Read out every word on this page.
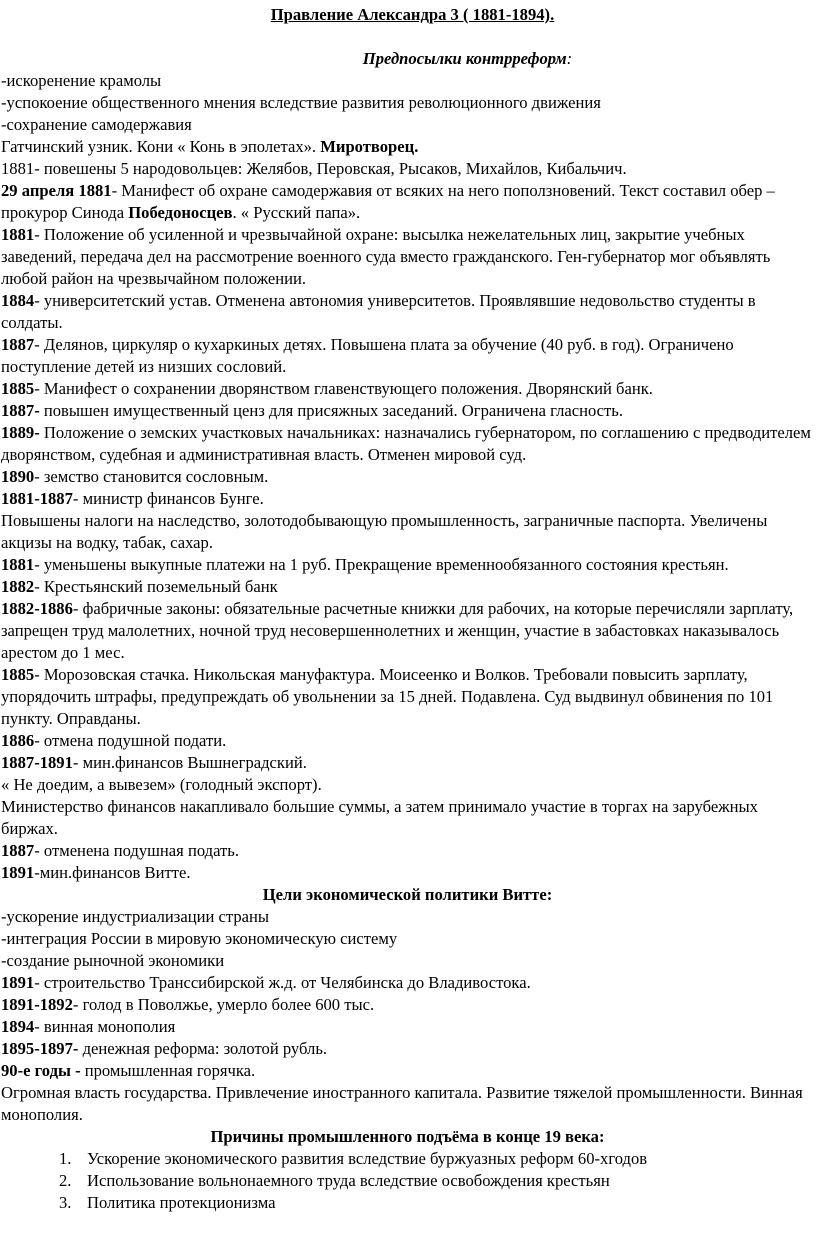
Правление Александра 3 ( 1881-1894).

Предпосылки контрреформ:

-искоренение крамолы

-успокоение общественного мнения вследствие развития революционного движения

-сохранение самодержавия

Гатчинский узник. Кони « Конь в эполетах». Миротворец.

1881- повешены 5 народовольцев: Желябов, Перовская, Рысаков, Михайлов, Кибальчич.

29 апреля 1881- Манифест об охране самодержавия от всяких на него поползновений. Текст составил обер –прокурор Синода Победоносцев. « Русский папа».

1881- Положение об усиленной и чрезвычайной охране: высылка нежелательных лиц, закрытие учебных заведений, передача дел на рассмотрение военного суда вместо гражданского. Ген-губернатор мог объявлять любой район на чрезвычайном положении.

1884- университетский устав. Отменена автономия университетов. Проявлявшие недовольство студенты в солдаты.

1887- Делянов, циркуляр о кухаркиных детях. Повышена плата за обучение (40 руб. в год). Ограничено поступление детей из низших сословий.

1885- Манифест о сохранении дворянством главенствующего положения. Дворянский банк.

1887- повышен имущественный ценз для присяжных заседаний. Ограничена гласность.

1889- Положение о земских участковых начальниках: назначались губернатором, по соглашению с предводителем дворянством, судебная и административная власть. Отменен мировой суд.

1890- земство становится сословным.

1881-1887- министр финансов Бунге.

Повышены налоги на наследство, золотодобывающую промышленность, заграничные паспорта. Увеличены акцизы на водку, табак, сахар.

1881- уменьшены выкупные платежи на 1 руб. Прекращение временнообязанного состояния крестьян.

1882- Крестьянский поземельный банк

1882-1886- фабричные законы: обязательные расчетные книжки для рабочих, на которые перечисляли зарплату, запрещен труд малолетних, ночной труд несовершеннолетних и женщин, участие в забастовках наказывалось арестом до 1 мес.

1885- Морозовская стачка. Никольская мануфактура. Моисеенко и Волков. Требовали повысить зарплату, упорядочить штрафы, предупреждать об увольнении за 15 дней. Подавлена. Суд выдвинул обвинения по 101 пункту. Оправданы.

1886- отмена подушной подати.

1887-1891- мин.финансов Вышнеградский.

« Не доедим, а вывезем» (голодный экспорт).

Министерство финансов накапливало большие суммы, а затем принимало участие в торгах на зарубежных биржах.

1887- отменена подушная подать.

1891-мин.финансов Витте.

Цели экономической политики Витте:

-ускорение индустриализации страны

-интеграция России в мировую экономическую систему

-создание рыночной экономики

1891- строительство Транссибирской ж.д. от Челябинска до Владивостока.

1891-1892- голод в Поволжье, умерло более 600 тыс.

1894- винная монополия

1895-1897- денежная реформа: золотой рубль.

90-е годы - промышленная горячка.

Огромная власть государства. Привлечение иностранного капитала. Развитие тяжелой промышленности. Винная монополия.

Причины промышленного подъёма в конце 19 века:

1. Ускорение экономического развития вследствие буржуазных реформ 60-хгодов
2. Использование вольнонаемного труда вследствие освобождения крестьян
3. Политика протекционизма
